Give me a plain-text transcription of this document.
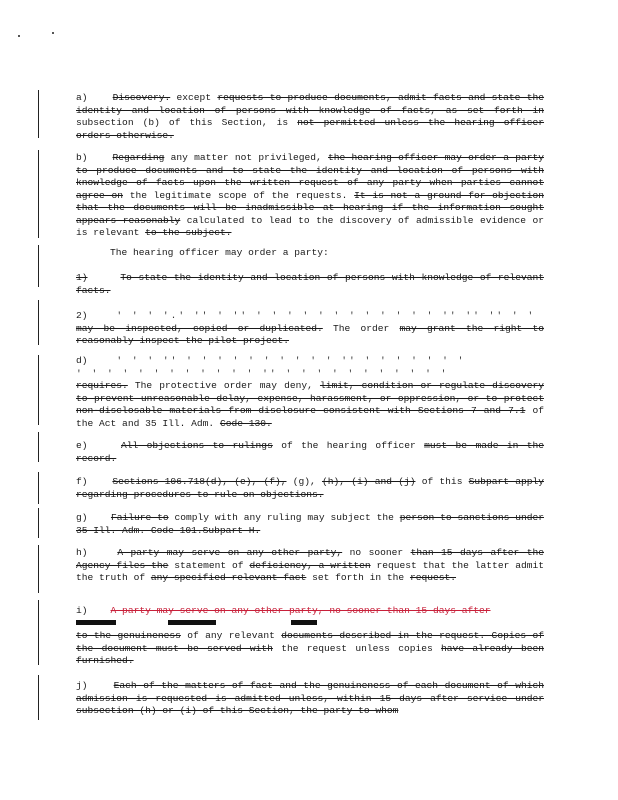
a)	Discovery. except requests to produce documents, admit facts and state the identity and location of persons with knowledge of facts, as set forth in subsection (b) of this Section, is not permitted unless the hearing officer orders otherwise.

b)	Regarding any matter not privileged, the hearing officer may order a party to produce documents and to state the identity and location of persons with knowledge of facts upon the written request of any party when parties cannot agree on the legitimate scope of the requests. It is not a ground for objection that the documents will be inadmissible at hearing if the information sought appears reasonably calculated to lead to the discovery of admissible evidence or is relevant to the subject.

The hearing officer may order a party:

1)	To state the identity and location of persons with knowledge of relevant facts.

2)	' ' ' '.' '' ' '' ' ' ' ' ' ' ' ' ' ' ' ' '' '' '' ' '

may be inspected, copied or duplicated. The order may grant the right to reasonably inspect the pilot project.

d)	' ' ' '' ' ' ' ' ' ' ' ' ' ' '' ' ' ' ' ' ' '

' ' ' ' ' ' ' ' ' ' ' ' '' ' ' ' ' ' ' ' ' ' ' '

requires. The protective order may deny, limit, condition or regulate discovery to prevent unreasonable delay, expense, harassment, or oppression, or to protect non-disclosable materials from disclosure consistent with Sections 7 and 7.1 of the Act and 35 Ill. Adm. Code 130.

e)	All objections to rulings of the hearing officer must be made in the record.

f)	Sections 106.718(d), (e), (f), (g), (h), (i) and (j) of this Subpart apply regarding procedures to rule on objections.

g) Failure to comply with any ruling may subject the person to sanctions under 35 Ill. Adm. Code 101.Subpart H.

h)	A party may serve on any other party, no sooner than 15 days after the Agency files the statement of deficiency, a written request that the latter admit the truth of any specified relevant fact set forth in the request.

i) A party may serve on any other party, no sooner than 15 days after

to the genuineness of any relevant documents described in the request. Copies of the document must be served with the request unless copies have already been furnished.

j)	Each of the matters of fact and the genuineness of each document of which admission is requested is admitted unless, within 15 days after service under subsection (h) or (i) of this Section, the party to whom
